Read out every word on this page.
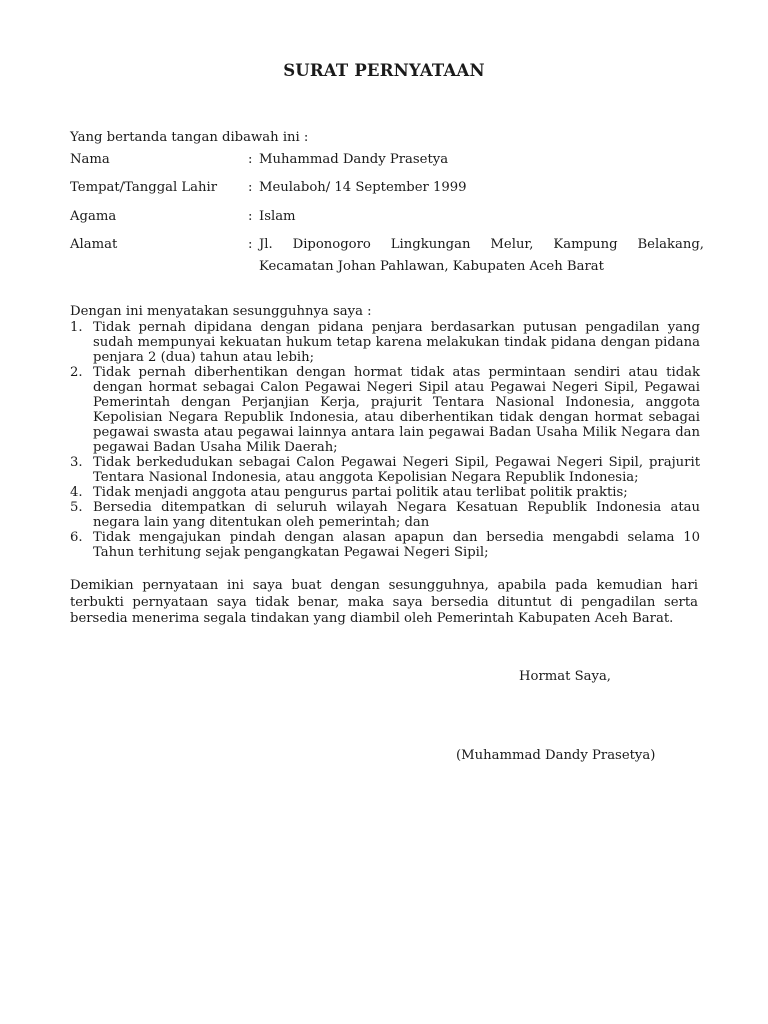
SURAT PERNYATAAN
Yang bertanda tangan dibawah ini :
Nama	: Muhammad Dandy Prasetya
Tempat/Tanggal Lahir	: Meulaboh/ 14 September 1999
Agama	: Islam
Alamat	: Jl. Diponogoro Lingkungan Melur, Kampung Belakang,
Kecamatan Johan Pahlawan, Kabupaten Aceh Barat
Dengan ini menyatakan sesungguhnya saya :
1. Tidak pernah dipidana dengan pidana penjara berdasarkan putusan pengadilan yang sudah mempunyai kekuatan hukum tetap karena melakukan tindak pidana dengan pidana penjara 2 (dua) tahun atau lebih;
2. Tidak pernah diberhentikan dengan hormat tidak atas permintaan sendiri atau tidak dengan hormat sebagai Calon Pegawai Negeri Sipil atau Pegawai Negeri Sipil, Pegawai Pemerintah dengan Perjanjian Kerja, prajurit Tentara Nasional Indonesia, anggota Kepolisian Negara Republik Indonesia, atau diberhentikan tidak dengan hormat sebagai pegawai swasta atau pegawai lainnya antara lain pegawai Badan Usaha Milik Negara dan pegawai Badan Usaha Milik Daerah;
3. Tidak berkedudukan sebagai Calon Pegawai Negeri Sipil, Pegawai Negeri Sipil, prajurit Tentara Nasional Indonesia, atau anggota Kepolisian Negara Republik Indonesia;
4. Tidak menjadi anggota atau pengurus partai politik atau terlibat politik praktis;
5. Bersedia ditempatkan di seluruh wilayah Negara Kesatuan Republik Indonesia atau negara lain yang ditentukan oleh pemerintah; dan
6. Tidak mengajukan pindah dengan alasan apapun dan bersedia mengabdi selama 10 Tahun terhitung sejak pengangkatan Pegawai Negeri Sipil;
Demikian pernyataan ini saya buat dengan sesungguhnya, apabila pada kemudian hari terbukti pernyataan saya tidak benar, maka saya bersedia dituntut di pengadilan serta bersedia menerima segala tindakan yang diambil oleh Pemerintah Kabupaten Aceh Barat.
Hormat Saya,
(Muhammad Dandy Prasetya)
